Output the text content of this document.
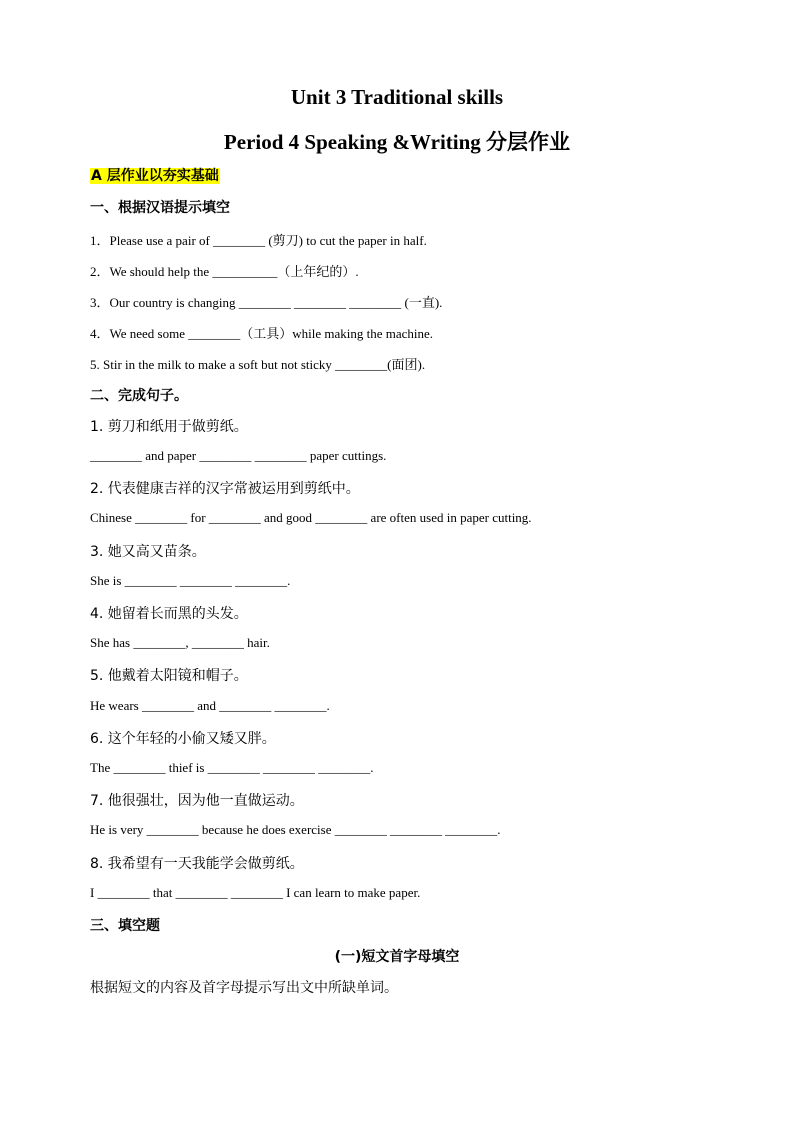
Unit 3 Traditional skills
Period 4 Speaking &Writing 分层作业
A 层作业以夯实基础
一、根据汉语提示填空
1．Please use a pair of ________ (剪刀) to cut the paper in half.
2．We should help the __________（上年纪的）.
3．Our country is changing ________ ________ ________ (一直).
4．We need some ________（工具）while making the machine.
5. Stir in the milk to make a soft but not sticky ________(面团).
二、完成句子。
1. 剪刀和纸用于做剪纸。
________ and paper ________ ________ paper cuttings.
2. 代表健康吉祥的汉字常被运用到剪纸中。
Chinese ________ for ________ and good ________ are often used in paper cutting.
3. 她又高又苗条。
She is ________ ________ ________.
4. 她留着长而黑的头发。
She has ________, ________ hair.
5. 他戴着太阳镜和帽子。
He wears ________ and ________ ________.
6. 这个年轻的小偷又矮又胖。
The ________ thief is ________ ________ ________.
7. 他很强壮，因为他一直做运动。
He is very ________ because he does exercise ________ ________ ________.
8. 我希望有一天我能学会做剪纸。
I ________ that ________ ________ I can learn to make paper.
三、填空题
(一)短文首字母填空
根据短文的内容及首字母提示写出文中所缺单词。
